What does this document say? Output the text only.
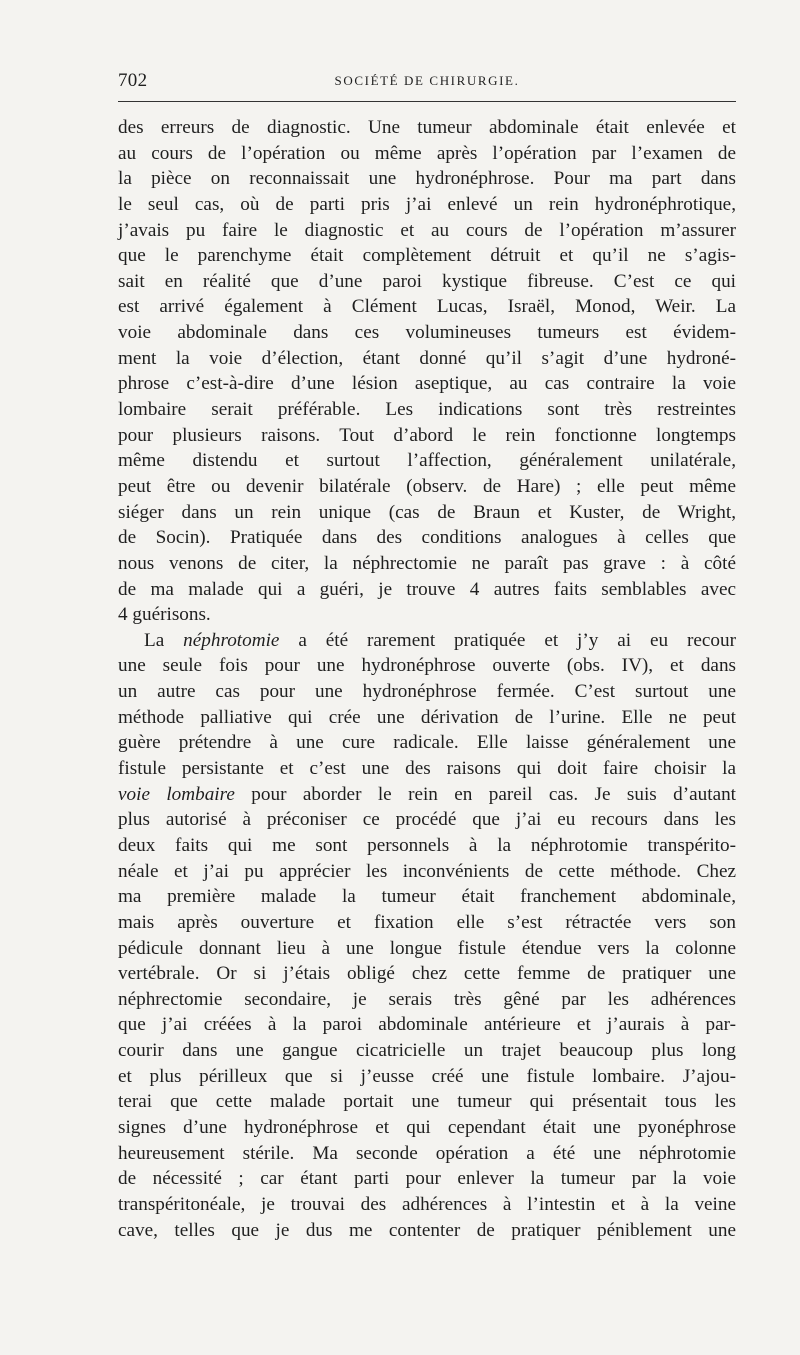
702	SOCIÉTÉ DE CHIRURGIE.
des erreurs de diagnostic. Une tumeur abdominale était enlevée et
au cours de l’opération ou même après l’opération par l’examen de
la pièce on reconnaissait une hydronéphrose. Pour ma part dans
le seul cas, où de parti pris j’ai enlevé un rein hydronéphrotique,
j’avais pu faire le diagnostic et au cours de l’opération m’assurer
que le parenchyme était complètement détruit et qu’il ne s’agis-
sait en réalité que d’une paroi kystique fibreuse. C’est ce qui
est arrivé également à Clément Lucas, Israël, Monod, Weir. La
voie abdominale dans ces volumineuses tumeurs est évidem-
ment la voie d’élection, étant donné qu’il s’agit d’une hydroné-
phrose c’est-à-dire d’une lésion aseptique, au cas contraire la voie
lombaire serait préférable. Les indications sont très restreintes
pour plusieurs raisons. Tout d’abord le rein fonctionne longtemps
même distendu et surtout l’affection, généralement unilatérale,
peut être ou devenir bilatérale (observ. de Hare) ; elle peut même
siéger dans un rein unique (cas de Braun et Kuster, de Wright,
de Socin). Pratiquée dans des conditions analogues à celles que
nous venons de citer, la néphrectomie ne paraît pas grave : à côté
de ma malade qui a guéri, je trouve 4 autres faits semblables avec
4 guérisons.
La néphrotomie a été rarement pratiquée et j’y ai eu recour
une seule fois pour une hydronéphrose ouverte (obs. IV), et dans
un autre cas pour une hydronéphrose fermée. C’est surtout une
méthode palliative qui crée une dérivation de l’urine. Elle ne peut
guère prétendre à une cure radicale. Elle laisse généralement une
fistule persistante et c’est une des raisons qui doit faire choisir la
voie lombaire pour aborder le rein en pareil cas. Je suis d’autant
plus autorisé à préconiser ce procédé que j’ai eu recours dans les
deux faits qui me sont personnels à la néphrotomie transpérito-
néale et j’ai pu apprécier les inconvénients de cette méthode. Chez
ma première malade la tumeur était franchement abdominale,
mais après ouverture et fixation elle s’est rétractée vers son
pédicule donnant lieu à une longue fistule étendue vers la colonne
vertébrale. Or si j’étais obligé chez cette femme de pratiquer une
néphrectomie secondaire, je serais très gêné par les adhérences
que j’ai créées à la paroi abdominale antérieure et j’aurais à par-
courir dans une gangue cicatricielle un trajet beaucoup plus long
et plus périlleux que si j’eusse créé une fistule lombaire. J’ajou-
terai que cette malade portait une tumeur qui présentait tous les
signes d’une hydronéphrose et qui cependant était une pyonéphrose
heureusement stérile. Ma seconde opération a été une néphrotomie
de nécessité ; car étant parti pour enlever la tumeur par la voie
transpéritonéale, je trouvai des adhérences à l’intestin et à la veine
cave, telles que je dus me contenter de pratiquer péniblement une
